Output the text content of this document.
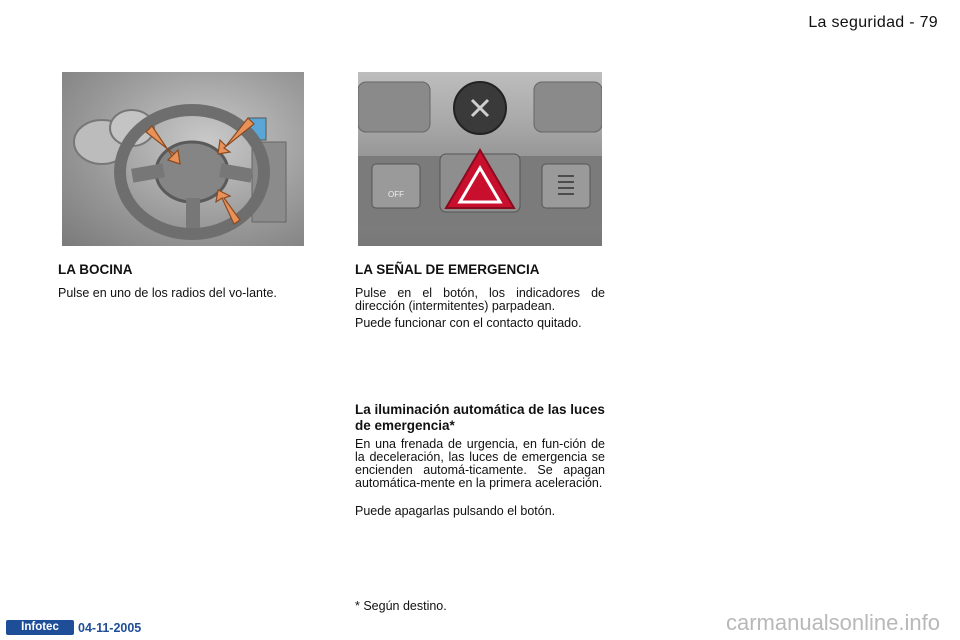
La seguridad - 79
OFF
LA BOCINA

Pulse en uno de los radios del vo-lante.

LA SEÑAL DE EMERGENCIA

Pulse en el botón, los indicadores de dirección (intermitentes) parpadean.

Puede funcionar con el contacto quitado.

La iluminación automática de las luces de emergencia*

En una frenada de urgencia, en fun-ción de la deceleración, las luces de emergencia se encienden automá-ticamente. Se apagan automática-mente en la primera aceleración.

Puede apagarlas pulsando el botón.

* Según destino.
Infotec	04-11-2005	carmanualsonline.info
